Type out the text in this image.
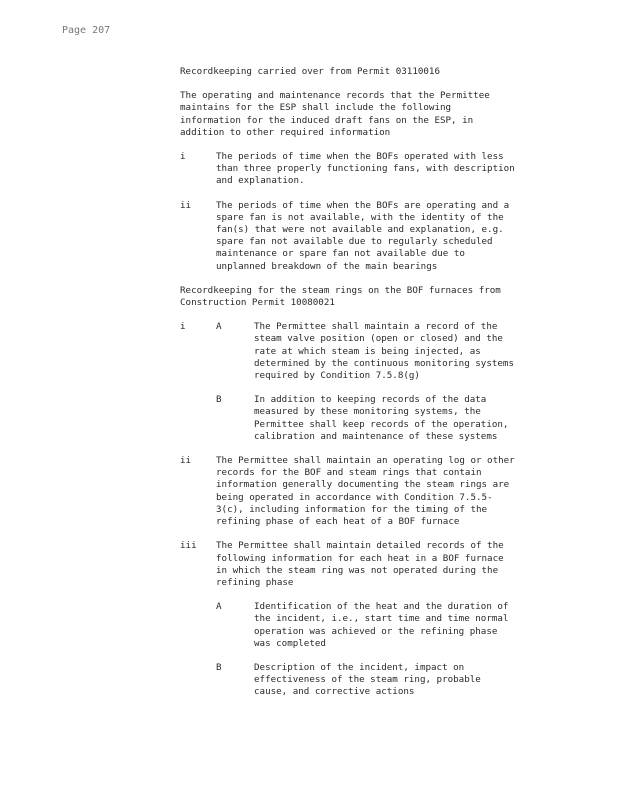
Page 207
Recordkeeping carried over from Permit 03110016
The operating and maintenance records that the Permittee
maintains for the ESP shall include the following
information for the induced draft fans on the ESP, in
addition to other required information
i	The periods of time when the BOFs operated with less
than three properly functioning fans, with description
and explanation.
ii	The periods of time when the BOFs are operating and a
spare fan is not available, with the identity of the
fan(s) that were not available and explanation, e.g.
spare fan not available due to regularly scheduled
maintenance or spare fan not available due to
unplanned breakdown of the main bearings
Recordkeeping for the steam rings on the BOF furnaces from
Construction Permit 10080021
i	A	The Permittee shall maintain a record of the
steam valve position (open or closed) and the
rate at which steam is being injected, as
determined by the continuous monitoring systems
required by Condition 7.5.8(g)
B	In addition to keeping records of the data
measured by these monitoring systems, the
Permittee shall keep records of the operation,
calibration and maintenance of these systems
ii	The Permittee shall maintain an operating log or other
records for the BOF and steam rings that contain
information generally documenting the steam rings are
being operated in accordance with Condition 7.5.5-
3(c), including information for the timing of the
refining phase of each heat of a BOF furnace
iii The Permittee shall maintain detailed records of the
following information for each heat in a BOF furnace
in which the steam ring was not operated during the
refining phase
A	Identification of the heat and the duration of
the incident, i.e., start time and time normal
operation was achieved or the refining phase
was completed
B	Description of the incident, impact on
effectiveness of the steam ring, probable
cause, and corrective actions
